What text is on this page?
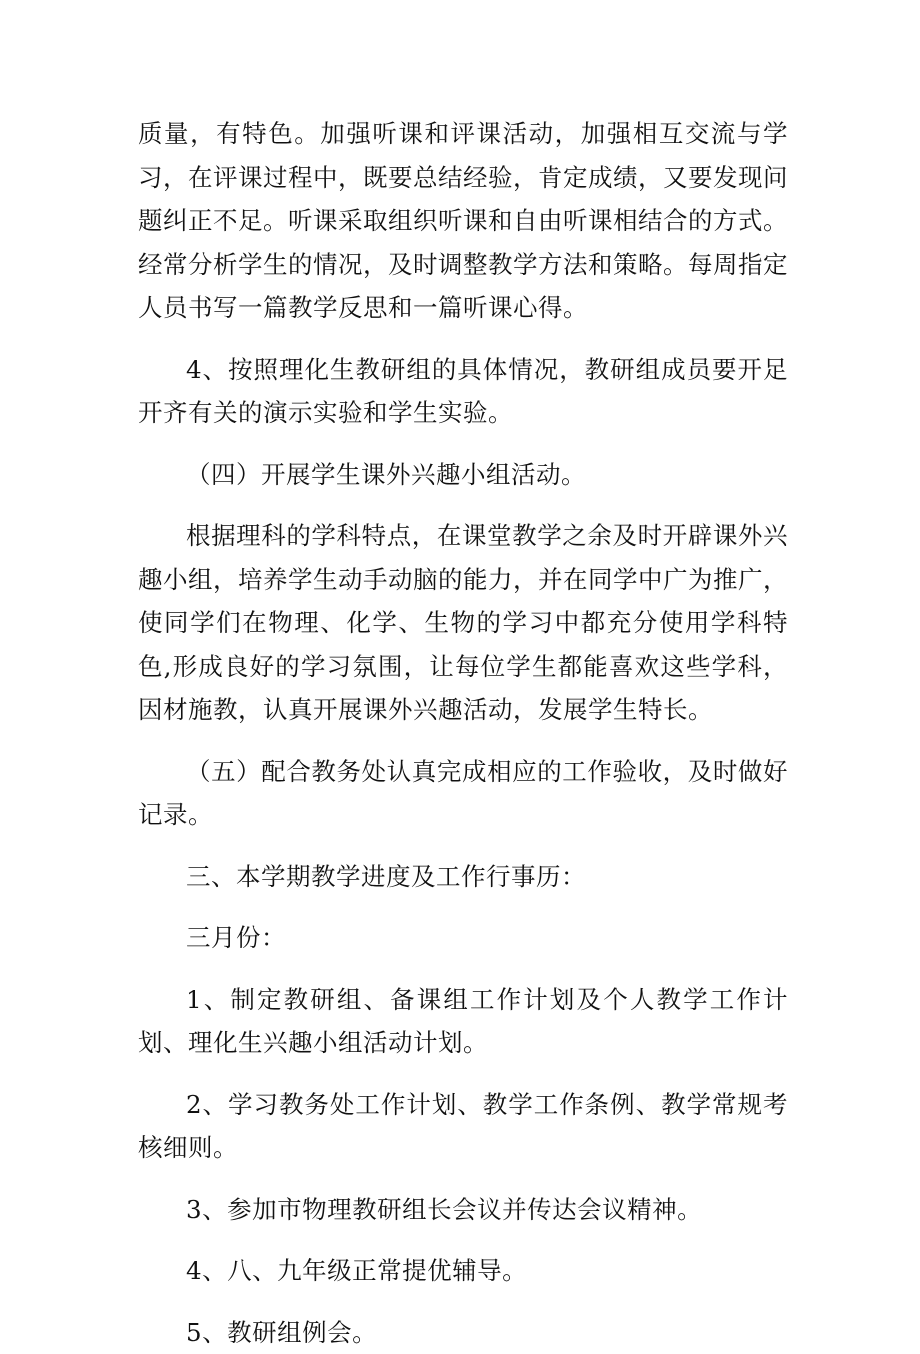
质量，有特色。加强听课和评课活动，加强相互交流与学习，在评课过程中，既要总结经验，肯定成绩，又要发现问题纠正不足。听课采取组织听课和自由听课相结合的方式。经常分析学生的情况，及时调整教学方法和策略。每周指定人员书写一篇教学反思和一篇听课心得。

4、按照理化生教研组的具体情况，教研组成员要开足开齐有关的演示实验和学生实验。

（四）开展学生课外兴趣小组活动。

根据理科的学科特点，在课堂教学之余及时开辟课外兴趣小组，培养学生动手动脑的能力，并在同学中广为推广，使同学们在物理、化学、生物的学习中都充分使用学科特色,形成良好的学习氛围，让每位学生都能喜欢这些学科，因材施教，认真开展课外兴趣活动，发展学生特长。

（五）配合教务处认真完成相应的工作验收，及时做好记录。

三、本学期教学进度及工作行事历：

三月份：

1、制定教研组、备课组工作计划及个人教学工作计划、理化生兴趣小组活动计划。

2、学习教务处工作计划、教学工作条例、教学常规考核细则。

3、参加市物理教研组长会议并传达会议精神。

4、八、九年级正常提优辅导。

5、教研组例会。
